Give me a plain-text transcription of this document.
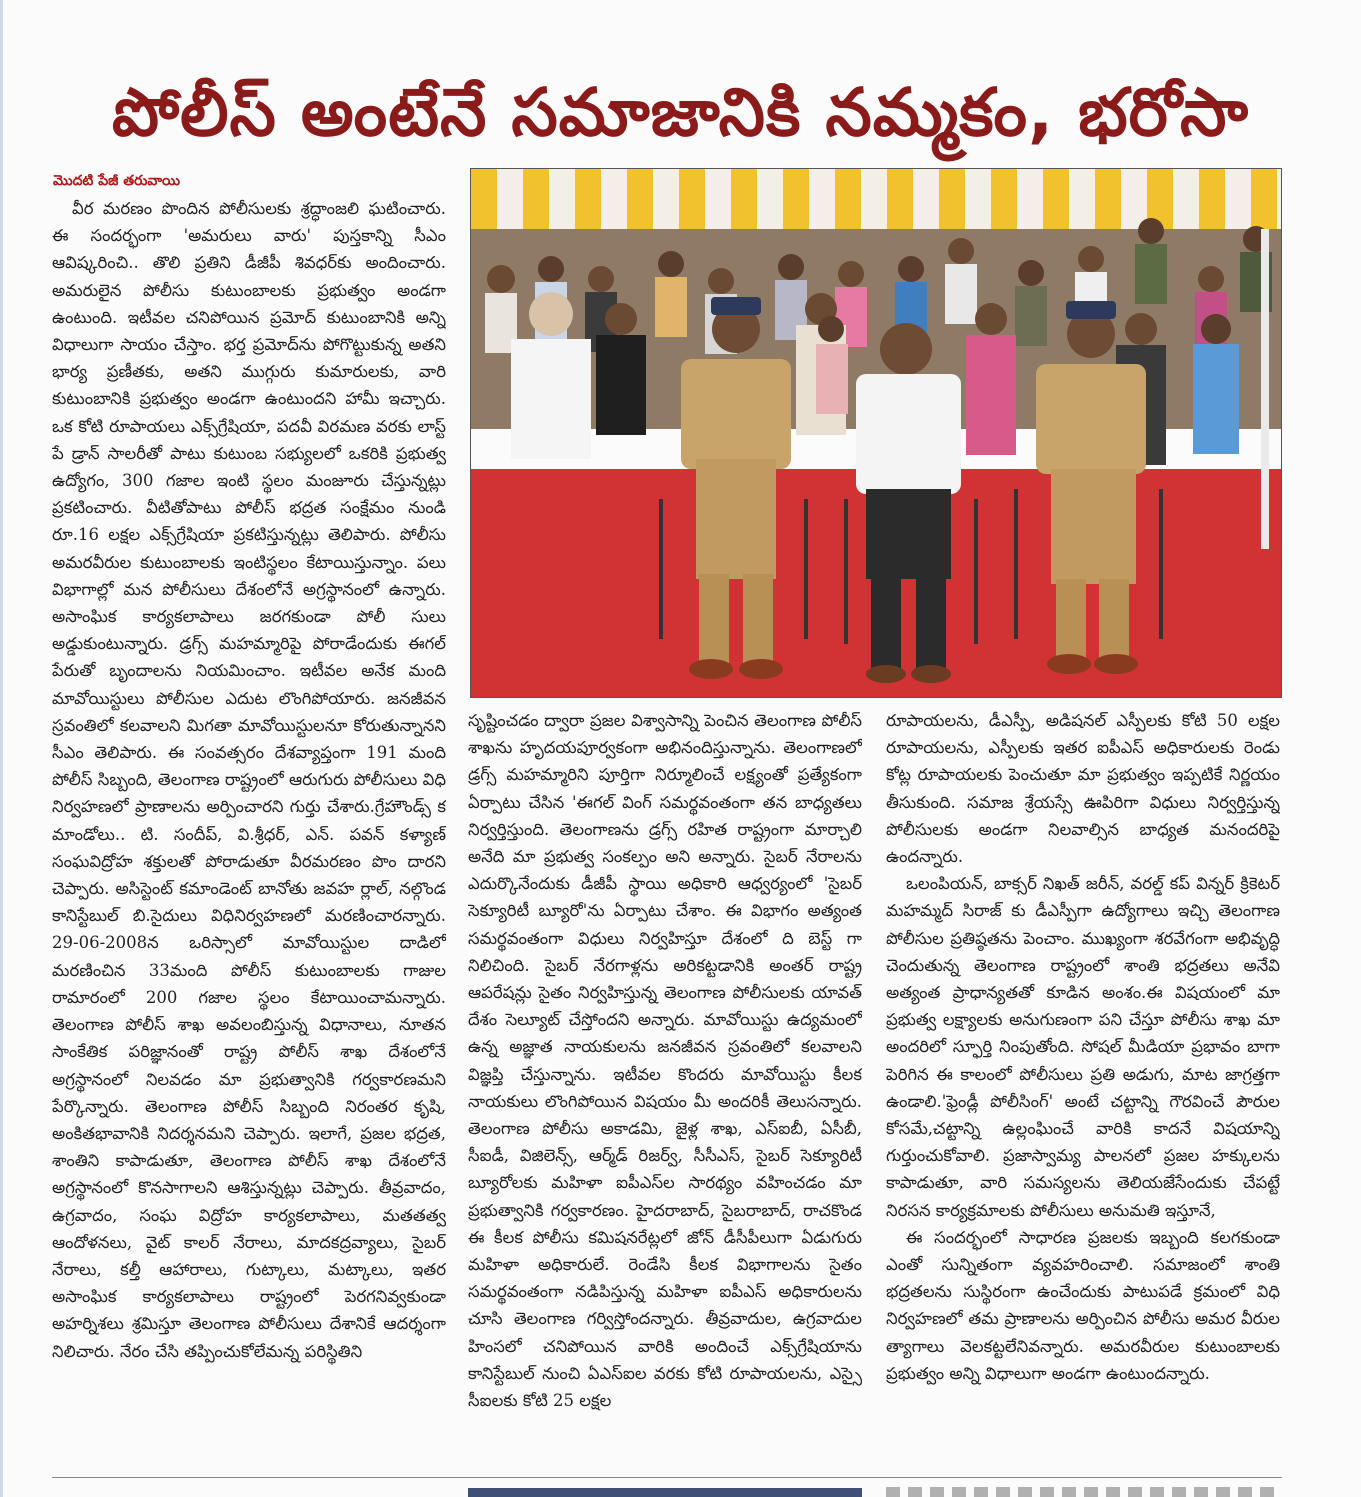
పోలీస్ అంటేనే సమాజానికి నమ్మకం, భరోసా
మొదటి పేజీ తరువాయి

వీర మరణం పొందిన పోలీసులకు శ్రద్ధాంజలి ఘటించారు. ఈ సందర్భంగా 'అమరులు వారు' పుస్తకాన్ని సీఎం ఆవిష్కరించి.. తొలి ప్రతిని డీజీపీ శివధర్‌కు అందించారు. అమరులైన పోలీసు కుటుంబాలకు ప్రభుత్వం అండగా ఉంటుంది. ఇటీవల చనిపోయిన ప్రమోద్ కుటుంబానికి అన్ని విధాలుగా సాయం చేస్తాం. భర్త ప్రమోద్‌ను పోగొట్టుకున్న అతని భార్య ప్రణీతకు, అతని ముగ్గురు కుమారులకు, వారి కుటుంబానికి ప్రభుత్వం అండగా ఉంటుందని హామీ ఇచ్చారు. ఒక కోటి రూపాయలు ఎక్స్‌గ్రేషియా, పదవీ విరమణ వరకు లాస్ట్ పే డ్రాన్ సాలరీతో పాటు కుటుంబ సభ్యులలో ఒకరికి ప్రభుత్వ ఉద్యోగం, 300 గజాల ఇంటి స్థలం మంజూరు చేస్తున్నట్లు ప్రకటించారు. వీటితోపాటు పోలీస్ భద్రత సంక్షేమం నుండి రూ.16 లక్షల ఎక్స్‌గ్రేషియా ప్రకటిస్తున్నట్లు తెలిపారు. పోలీసు అమరవీరుల కుటుంబాలకు ఇంటిస్థలం కేటాయిస్తున్నాం. పలు విభాగాల్లో మన పోలీసులు దేశంలోనే అగ్రస్థానంలో ఉన్నారు. అసాంఘిక కార్యకలాపాలు జరగకుండా పోలీ సులు అడ్డుకుంటున్నారు. డ్రగ్స్ మహమ్మారిపై పోరాడేందుకు ఈగల్ పేరుతో బృందాలను నియమించాం. ఇటీవల అనేక మంది మావోయిస్టులు పోలీసుల ఎదుట లొంగిపోయారు. జనజీవన స్రవంతిలో కలవాలని మిగతా మావోయిస్టులనూ కోరుతున్నానని సీఎం తెలిపారు. ఈ సంవత్సరం దేశవ్యాప్తంగా 191 మంది పోలీస్ సిబ్బంది, తెలంగాణ రాష్ట్రంలో ఆరుగురు పోలీసులు విధి నిర్వహణలో ప్రాణాలను అర్పించారని గుర్తు చేశారు.గ్రేహౌండ్స్ క మాండోలు.. టి. సందీప్, వి.శ్రీధర్, ఎన్. పవన్ కళ్యాణ్ సంఘవిద్రోహ శక్తులతో పోరాడుతూ వీరమరణం పొం దారని చెప్పారు. అసిస్టెంట్ కమాండెంట్ బానోతు జవహ ర్లాల్, నల్గొండ కానిస్టేబుల్ బి.సైదులు విధినిర్వహణలో మరణించారన్నారు. 29-06-2008న ఒరిస్సాలో మావోయిస్టుల దాడిలో మరణించిన 33మంది పోలీస్ కుటుంబాలకు గాజుల రామారంలో 200 గజాల స్థలం కేటాయించామన్నారు. తెలంగాణ పోలీస్ శాఖ అవలంబిస్తున్న విధానాలు, నూతన సాంకేతిక పరిజ్ఞానంతో రాష్ట్ర పోలీస్ శాఖ దేశంలోనే అగ్రస్థానంలో నిలవడం మా ప్రభుత్వానికి గర్వకారణమని పేర్కొన్నారు. తెలంగాణ పోలీస్ సిబ్బంది నిరంతర కృషి, అంకితభావానికి నిదర్శనమని చెప్పారు. ఇలాగే, ప్రజల భద్రత, శాంతిని కాపాడుతూ, తెలంగాణ పోలీస్ శాఖ దేశంలోనే అగ్రస్థానంలో కొనసాగాలని ఆశిస్తున్నట్లు చెప్పారు. తీవ్రవాదం, ఉగ్రవాదం, సంఘ విద్రోహ కార్యకలాపాలు, మతతత్వ ఆందోళనలు, వైట్ కాలర్ నేరాలు, మాదకద్రవ్యాలు, సైబర్ నేరాలు, కల్తీ ఆహారాలు, గుట్కాలు, మట్కాలు, ఇతర అసాంఘిక కార్యకలాపాలు రాష్ట్రంలో పెరగనివ్వకుండా అహర్నిశలు శ్రమిస్తూ తెలంగాణ పోలీసులు దేశానికే ఆదర్శంగా నిలిచారు. నేరం చేసి తప్పించుకోలేమన్న పరిస్థితిని

సృష్టించడం ద్వారా ప్రజల విశ్వాసాన్ని పెంచిన తెలంగాణ పోలీస్ శాఖను హృదయపూర్వకంగా అభినందిస్తున్నాను. తెలంగాణలో డ్రగ్స్ మహమ్మారిని పూర్తిగా నిర్మూలించే లక్ష్యంతో ప్రత్యేకంగా ఏర్పాటు చేసిన 'ఈగల్ వింగ్ సమర్థవంతంగా తన బాధ్యతలు నిర్వర్తిస్తుంది. తెలంగాణను డ్రగ్స్ రహిత రాష్ట్రంగా మార్చాలి అనేది మా ప్రభుత్వ సంకల్పం అని అన్నారు. సైబర్ నేరాలను ఎదుర్కొనేందుకు డీజీపీ స్థాయి అధికారి ఆధ్వర్యంలో 'సైబర్ సెక్యూరిటీ బ్యూరో'ను ఏర్పాటు చేశాం. ఈ విభాగం అత్యంత సమర్థవంతంగా విధులు నిర్వహిస్తూ దేశంలో ది బెస్ట్ గా నిలిచింది. సైబర్ నేరగాళ్లను అరికట్టడానికి అంతర్ రాష్ట్ర ఆపరేషన్లు సైతం నిర్వహిస్తున్న తెలంగాణ పోలీసులకు యావత్ దేశం సెల్యూట్ చేస్తోందని అన్నారు. మావోయిస్టు ఉద్యమంలో ఉన్న అజ్ఞాత నాయకులను జనజీవన స్రవంతిలో కలవాలని విజ్ఞప్తి చేస్తున్నాను. ఇటీవల కొందరు మావోయిస్టు కీలక నాయకులు లొంగిపోయిన విషయం మీ అందరికీ తెలుసన్నారు. తెలంగాణ పోలీసు అకాడమి, జైళ్ల శాఖ, ఎస్ఐబీ, ఏసీబీ, సీఐడీ, విజిలెన్స్, ఆర్మ్‌డ్ రిజర్వ్, సీసీఎస్, సైబర్ సెక్యూరిటీ బ్యూరోలకు మహిళా ఐపీఎస్‌ల సారథ్యం వహించడం మా ప్రభుత్వానికి గర్వకారణం. హైదరాబాద్, సైబరాబాద్, రాచకొండ ఈ కీలక పోలీసు కమిషనరేట్లలో జోన్ డీసీపీలుగా ఏడుగురు మహిళా అధికారులే. రెండేసి కీలక విభాగాలను సైతం సమర్థవంతంగా నడిపిస్తున్న మహిళా ఐపీఎస్ అధికారులను చూసి తెలంగాణ గర్విస్తోందన్నారు. తీవ్రవాదుల, ఉగ్రవాదుల హింసలో చనిపోయిన వారికి అందించే ఎక్స్‌గ్రేషియాను కానిస్టేబుల్ నుంచి ఏఎస్ఐల వరకు కోటి రూపాయలను, ఎస్సై సీఐలకు కోటి 25 లక్షల

రూపాయలను, డీఎస్పీ, అడిషనల్ ఎస్పీలకు కోటి 50 లక్షల రూపాయలను, ఎస్పీలకు ఇతర ఐపీఎస్ అధికారులకు రెండు కోట్ల రూపాయలకు పెంచుతూ మా ప్రభుత్వం ఇప్పటికే నిర్ణయం తీసుకుంది. సమాజ శ్రేయస్సే ఊపిరిగా విధులు నిర్వర్తిస్తున్న పోలీసులకు అండగా నిలవాల్సిన బాధ్యత మనందరిపై ఉందన్నారు.

ఒలంపియన్, బాక్సర్ నిఖత్ జరీన్, వరల్డ్ కప్ విన్నర్ క్రికెటర్ మహమ్మద్ సిరాజ్ కు డీఎస్పీగా ఉద్యోగాలు ఇచ్చి తెలంగాణ పోలీసుల ప్రతిష్ఠతను పెంచాం. ముఖ్యంగా శరవేగంగా అభివృద్ధి చెందుతున్న తెలంగాణ రాష్ట్రంలో శాంతి భద్రతలు అనేవి అత్యంత ప్రాధాన్యతతో కూడిన అంశం.ఈ విషయంలో మా ప్రభుత్వ లక్ష్యాలకు అనుగుణంగా పని చేస్తూ పోలీసు శాఖ మా అందరిలో స్ఫూర్తి నింపుతోంది. సోషల్ మీడియా ప్రభావం బాగా పెరిగిన ఈ కాలంలో పోలీసులు ప్రతి అడుగు, మాట జాగ్రత్తగా ఉండాలి.'ఫ్రెండ్లీ పోలీసింగ్' అంటే చట్టాన్ని గౌరవించే పౌరుల కోసమే,చట్టాన్ని ఉల్లంఘించే వారికి కాదనే విషయాన్ని గుర్తుంచుకోవాలి. ప్రజాస్వామ్య పాలనలో ప్రజల హక్కులను కాపాడుతూ, వారి సమస్యలను తెలియజేసేందుకు చేపట్టే నిరసన కార్యక్రమాలకు పోలీసులు అనుమతి ఇస్తూనే,

ఈ సందర్భంలో సాధారణ ప్రజలకు ఇబ్బంది కలగకుండా ఎంతో సున్నితంగా వ్యవహరించాలి. సమాజంలో శాంతి భద్రతలను సుస్థిరంగా ఉంచేందుకు పాటుపడే క్రమంలో విధి నిర్వహణలో తమ ప్రాణాలను అర్పించిన పోలీసు అమర వీరుల త్యాగాలు వెలకట్టలేనివన్నారు. అమరవీరుల కుటుంబాలకు ప్రభుత్వం అన్ని విధాలుగా అండగా ఉంటుందన్నారు.
